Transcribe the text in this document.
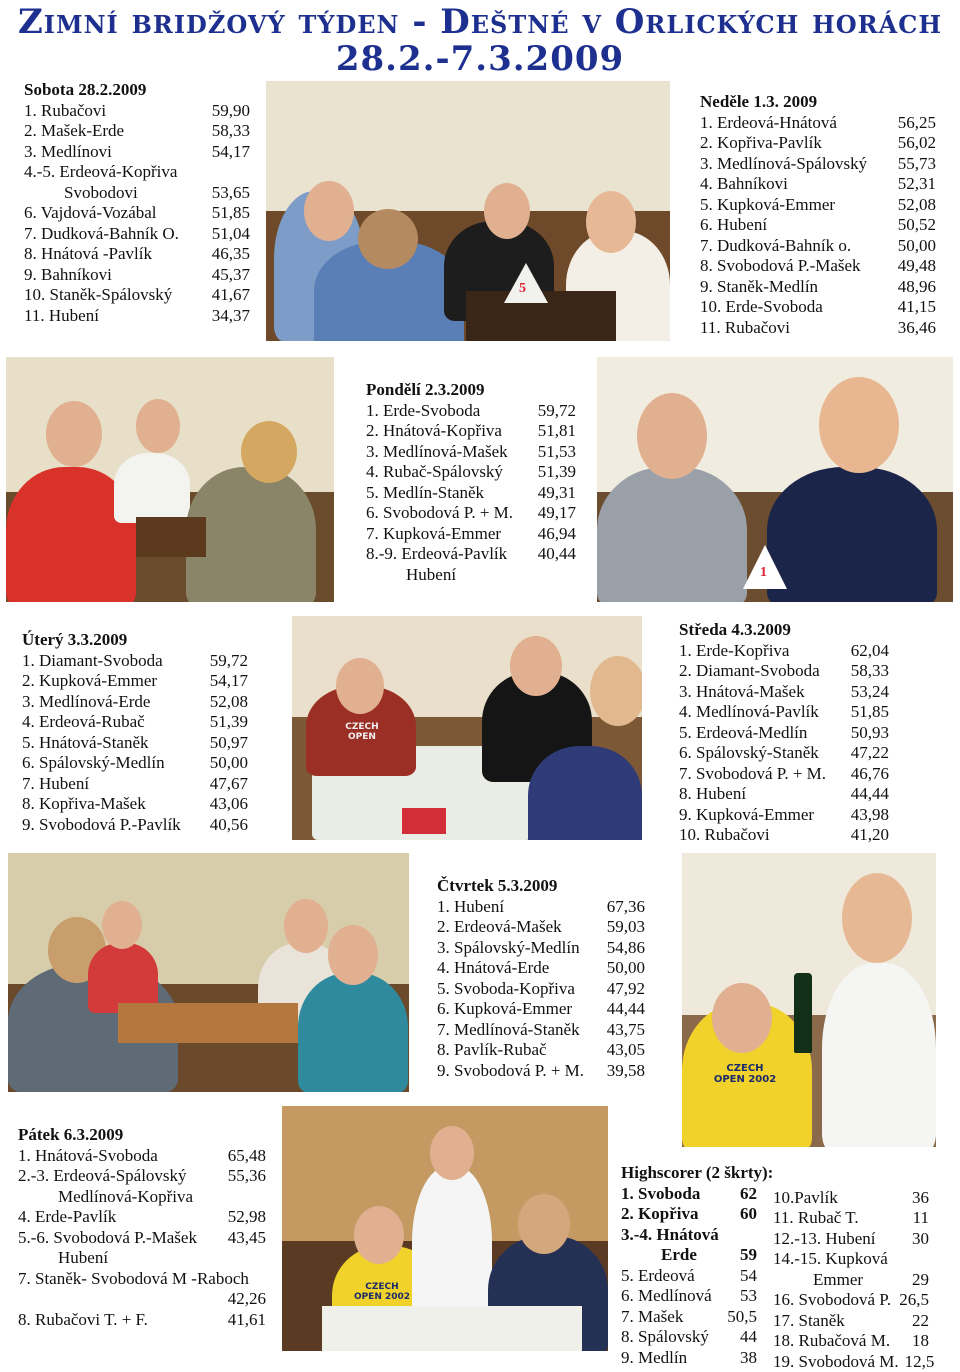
Zimní bridžový týden - Deštné v Orlických horách
28.2.-7.3.2009
Sobota 28.2.2009
1. Rubačovi	59,90
2. Mašek-Erde	58,33
3. Medlínovi	54,17
4.-5. Erdeová-Kopřiva
Svobodovi	53,65
6. Vajdová-Vozábal	51,85
7. Dudková-Bahník O.	51,04
8. Hnátová -Pavlík	46,35
9. Bahníkovi	45,37
10. Staněk-Spálovský	41,67
11. Hubení	34,37
Neděle 1.3. 2009
1. Erdeová-Hnátová	56,25
2. Kopřiva-Pavlík	56,02
3. Medlínová-Spálovský	55,73
4. Bahníkovi	52,31
5. Kupková-Emmer	52,08
6. Hubení	50,52
7. Dudková-Bahník o.	50,00
8. Svobodová P.-Mašek	49,48
9. Staněk-Medlín	48,96
10. Erde-Svoboda	41,15
11. Rubačovi	36,46
Pondělí 2.3.2009
1. Erde-Svoboda	59,72
2. Hnátová-Kopřiva	51,81
3. Medlínová-Mašek	51,53
4. Rubač-Spálovský	51,39
5. Medlín-Staněk	49,31
6. Svobodová P. + M.	49,17
7. Kupková-Emmer	46,94
8.-9. Erdeová-Pavlík	40,44
Hubení
Úterý 3.3.2009
1. Diamant-Svoboda	59,72
2. Kupková-Emmer	54,17
3. Medlínová-Erde	52,08
4. Erdeová-Rubač	51,39
5. Hnátová-Staněk	50,97
6. Spálovský-Medlín	50,00
7. Hubení	47,67
8. Kopřiva-Mašek	43,06
9. Svobodová P.-Pavlík	40,56
Středa 4.3.2009
1. Erde-Kopřiva	62,04
2. Diamant-Svoboda	58,33
3. Hnátová-Mašek	53,24
4. Medlínová-Pavlík	51,85
5. Erdeová-Medlín	50,93
6. Spálovský-Staněk	47,22
7. Svobodová P. + M.	46,76
8. Hubení	44,44
9. Kupková-Emmer	43,98
10. Rubačovi	41,20
Čtvrtek 5.3.2009
1. Hubení	67,36
2. Erdeová-Mašek	59,03
3. Spálovský-Medlín	54,86
4. Hnátová-Erde	50,00
5. Svoboda-Kopřiva	47,92
6. Kupková-Emmer	44,44
7. Medlínová-Staněk	43,75
8. Pavlík-Rubač	43,05
9. Svobodová P. + M.	39,58
Pátek 6.3.2009
1. Hnátová-Svoboda	65,48
2.-3. Erdeová-Spálovský	55,36
Medlínová-Kopřiva
4. Erde-Pavlík	52,98
5.-6. Svobodová P.-Mašek	43,45
Hubení
7. Staněk- Svobodová M -Raboch
42,26
8. Rubačovi T. + F.	41,61
Highscorer (2 škrty):
1. Svoboda	62
2. Kopřiva	60
3.-4. Hnátová
Erde	59
5. Erdeová	54
6. Medlínová	53
7. Mašek	50,5
8. Spálovský	44
9. Medlín	38
10.Pavlík	36
11. Rubač T.	11
12.-13. Hubení	30
14.-15. Kupková
Emmer	29
16. Svobodová P. 26,5
17. Staněk	22
18. Rubačová M.	18
19. Svobodová M. 12,5
5
1
CZECH OPEN
CZECH OPEN 2002
CZECH OPEN 2002
